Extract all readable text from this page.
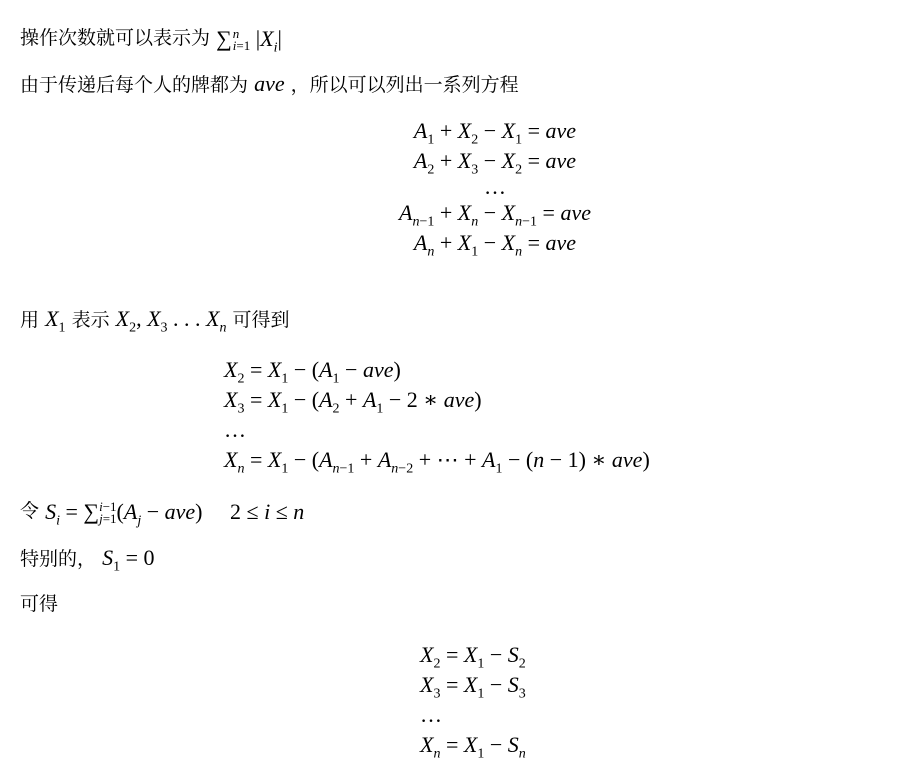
操作次数就可以表示为 ∑ n
i=1 $|X_i|$
由于传递后每个人的牌都为 ave ，所以可以列出一系列方程
$A_1 + X_2 - X_1$ = ave
$A_2 + X_3 - X_2$ = ave
…
$A_{n-1} + X_n - X_{n-1}$ = ave
$A_n + X_1 - X_n$ = ave
用 $X_1$ 表示 $X_2$, $X_3$ . . . $X_n$ 可得到
$X_2 = X_1 - (A_1 - ave)$
$X_3 = X_1 - (A_2 + A_1 - 2$ ∗ ave)
…
$X_n = X_1 - (A_{n-1} + A_{n-2}$ + ⋯ + $A_1 - (n - 1)$ ∗ ave)
令 $S_i$ = ∑ i−1
j=1 $(A_j - ave)$     2 ≤ i ≤ n
特别的， $S_1 = 0$
可得
$X_2 = X_1 - S_2$
$X_3 = X_1 - S_3$
…
$X_n = X_1 - S_n$
